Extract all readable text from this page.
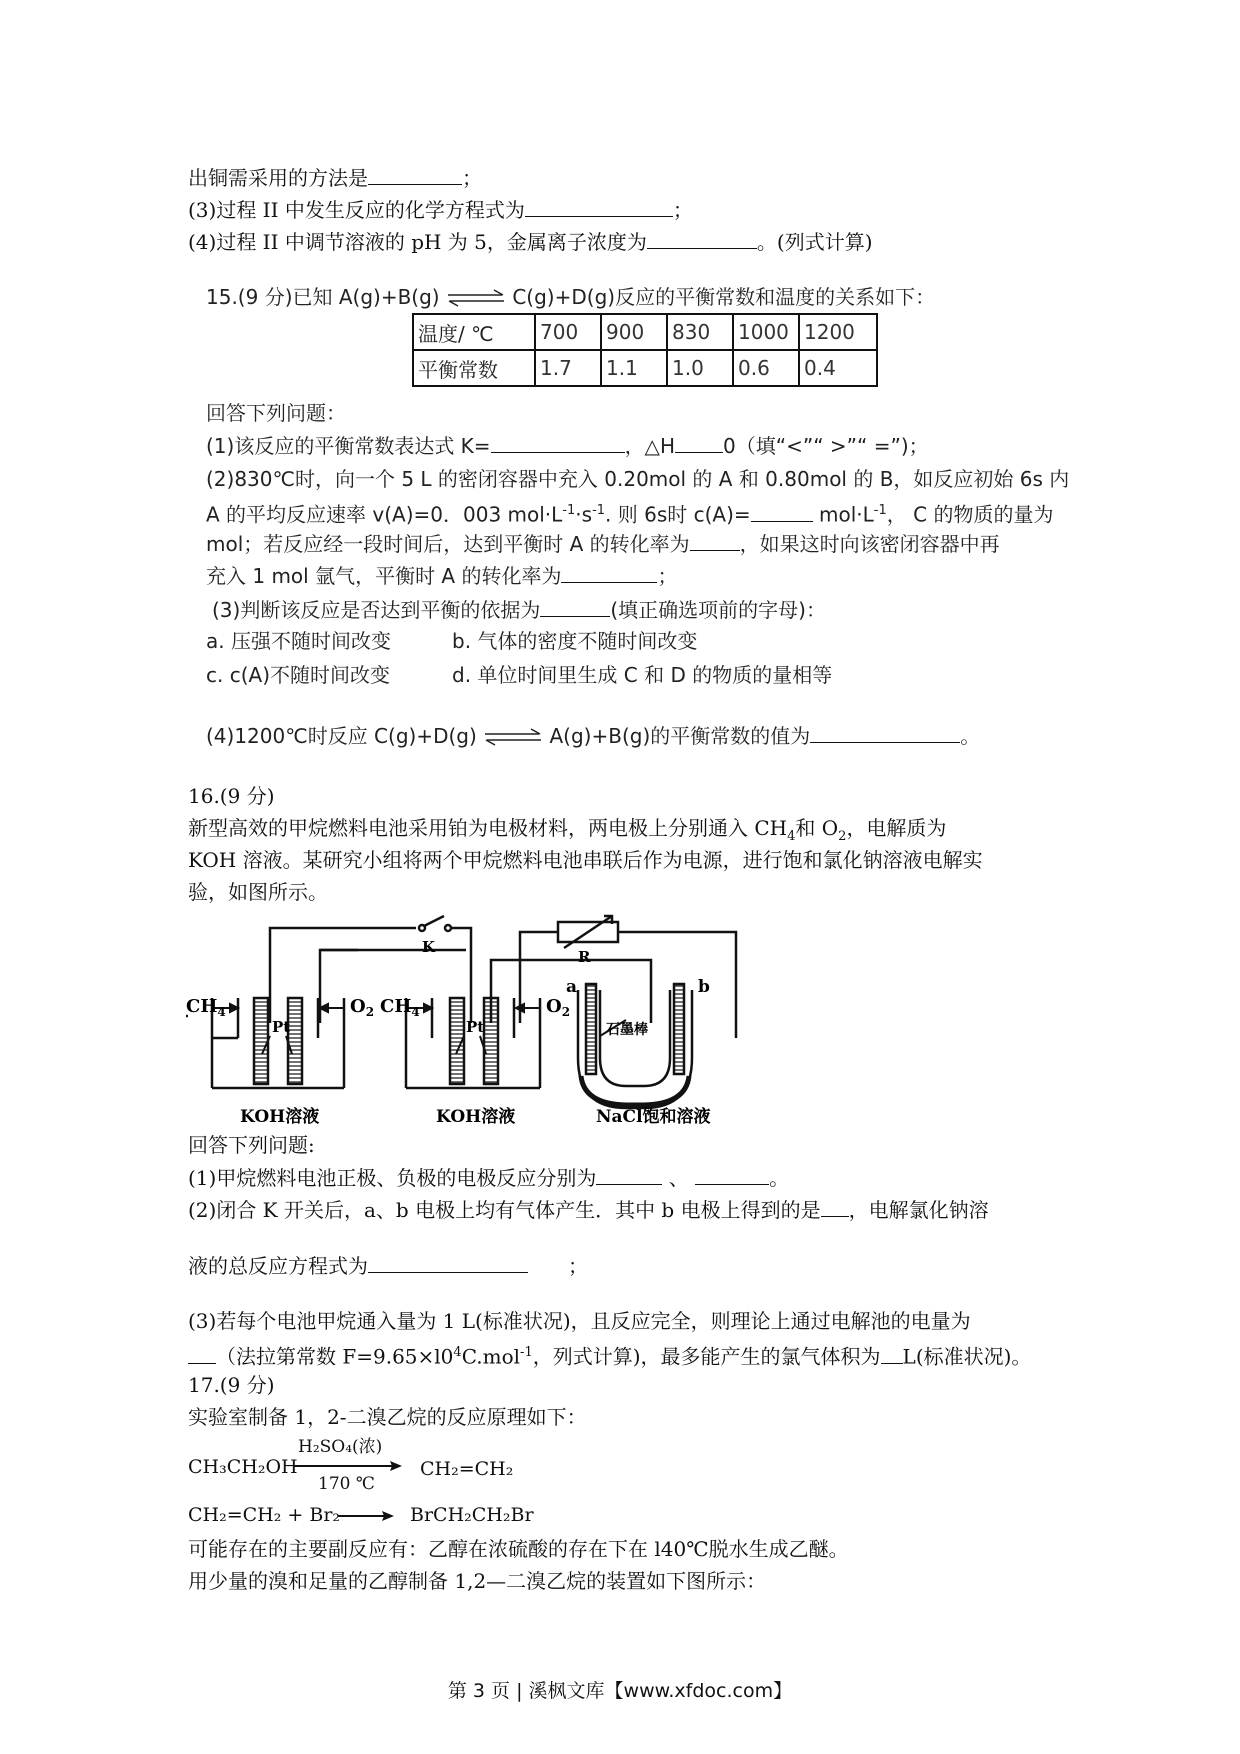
出铜需采用的方法是	；
(3)过程 II 中发生反应的化学方程式为	；
(4)过程 II 中调节溶液的 pH 为 5，金属离子浓度为	。(列式计算)
15.(9 分)已知 A(g)+B(g) ⇌ C(g)+D(g)反应的平衡常数和温度的关系如下：
温度/ ℃	700	900	830	1000	1200
平衡常数	1.7	1.1	1.0	0.6	0.4
回答下列问题：
(1)该反应的平衡常数表达式 K=	，△H 0（填“<”“ >”“ =”)；
(2)830℃时，向一个 5 L 的密闭容器中充入 0.20mol 的 A 和 0.80mol 的 B，如反应初始 6s 内
A 的平均反应速率 v(A)=0．003 $mol\cdot L^{-1}\cdot s^{-1}$. 则 6s时 c(A)=	$mol\cdot L^{-1}$， C 的物质的量为
mol；若反应经一段时间后，达到平衡时 A 的转化率为	，如果这时向该密闭容器中再
充入 1 mol 氩气，平衡时 A 的转化率为	；
(3)判断该反应是否达到平衡的依据为	(填正确选项前的字母)：
a. 压强不随时间改变	b. 气体的密度不随时间改变
c. c(A)不随时间改变	d. 单位时间里生成 C 和 D 的物质的量相等
(4)1200℃时反应 C(g)+D(g) ⇌ A(g)+B(g)的平衡常数的值为	。
16.(9 分)
新型高效的甲烷燃料电池采用铂为电极材料，两电极上分别通入 $CH_4$和 $O_2$，电解质为
KOH 溶液。某研究小组将两个甲烷燃料电池串联后作为电源，进行饱和氯化钠溶液电解实
验，如图所示。
$CH_4$	$O_2$ $CH_4$	$O_2$
Pt	Pt
K
R
a	b
石墨棒
KOH溶液	KOH溶液	NaCl饱和溶液
回答下列问题:
(1)甲烷燃料电池正极、负极的电极反应分别为	、	。
(2)闭合 K 开关后，a、b 电极上均有气体产生．其中 b 电极上得到的是 ，电解氯化钠溶
液的总反应方程式为	；
(3)若每个电池甲烷通入量为 1 L(标准状况)，且反应完全，则理论上通过电解池的电量为
（法拉第常数 $F=9.65\times l0^4C.mol^{-1}$，列式计算)，最多能产生的氯气体积为 L(标准状况)。
17.(9 分)
实验室制备 1，2-二溴乙烷的反应原理如下：
CH₃CH₂OH
H₂SO₄(浓)
170 ℃
CH₂=CH₂
CH₂=CH₂ + Br₂ → BrCH₂CH₂Br
可能存在的主要副反应有：乙醇在浓硫酸的存在下在 l40℃脱水生成乙醚。
用少量的溴和足量的乙醇制备 1,2—二溴乙烷的装置如下图所示：
第 3 页 | 溪枫文库【www.xfdoc.com】
